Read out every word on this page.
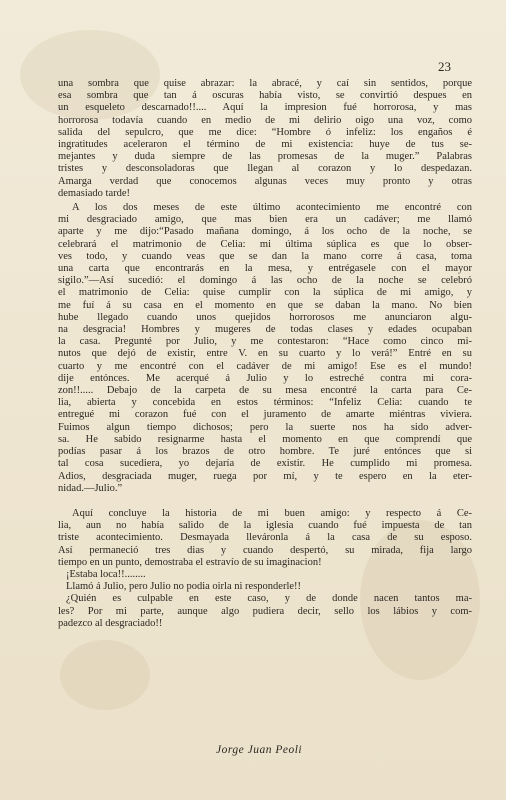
23
una sombra que quise abrazar: la abracé, y caí sin sentidos, porque
esa sombra que tan á oscuras había visto, se convirtió despues en
un esqueleto descarnado!!.... Aquí la impresion fué horrorosa, y mas
horrorosa todavía cuando en medio de mi delirio oigo una voz, como
salida del sepulcro, que me dice: “Hombre ó infeliz: los engaños é
ingratitudes aceleraron el término de mi existencia: huye de tus se-
mejantes y duda siempre de las promesas de la muger.” Palabras
tristes y desconsoladoras que llegan al corazon y lo despedazan.
Amarga verdad que conocemos algunas veces muy pronto y otras
demasiado tarde!
A los dos meses de este último acontecimiento me encontré con
mi desgraciado amigo, que mas bien era un cadáver; me llamó
aparte y me dijo:“Pasado mañana domingo, á los ocho de la noche, se
celebrará el matrimonio de Celia: mi última súplica es que lo obser-
ves todo, y cuando veas que se dan la mano corre á casa, toma
una carta que encontrarás en la mesa, y entrégasele con el mayor
sigilo.”—Así sucedió: el domingo á las ocho de la noche se celebró
el matrimonio de Celia: quise cumplir con la súplica de mi amigo, y
me fuí á su casa en el momento en que se daban la mano. No bien
hube llegado cuando unos quejidos horrorosos me anunciaron algu-
na desgracia! Hombres y mugeres de todas clases y edades ocupaban
la casa. Pregunté por Julio, y me contestaron: “Hace como cinco mi-
nutos que dejó de existir, entre V. en su cuarto y lo verá!” Entré en su
cuarto y me encontré con el cadáver de mi amigo! Ese es el mundo!
dije entónces. Me acerqué á Julio y lo estreché contra mi cora-
zon!!..... Debajo de la carpeta de su mesa encontré la carta para Ce-
lia, abierta y concebida en estos términos: “Infeliz Celia: cuando te
entregué mi corazon fué con el juramento de amarte miéntras viviera.
Fuimos algun tiempo dichosos; pero la suerte nos ha sido adver-
sa. He sabido resignarme hasta el momento en que comprendí que
podías pasar á los brazos de otro hombre. Te juré entónces que si
tal cosa sucediera, yo dejaría de existir. He cumplido mi promesa.
Adios, desgraciada muger, ruega por mí, y te espero en la eter-
nidad.—Julio.”
Aquí concluye la historia de mi buen amigo: y respecto á Ce-
lia, aun no había salido de la iglesia cuando fué impuesta de tan
triste acontecimiento. Desmayada lleváronla á la casa de su esposo.
Así permaneció tres dias y cuando despertó, su mirada, fija largo
tiempo en un punto, demostraba el estravío de su imaginacion!
¡Estaba loca!!........
Llamó á Julio, pero Julio no podia oirla ni responderle!!
¿Quién es culpable en este caso, y de donde nacen tantos ma-
les? Por mi parte, aunque algo pudiera decir, sello los lábios y com-
padezco al desgraciado!!
Jorge Juan Peoli
